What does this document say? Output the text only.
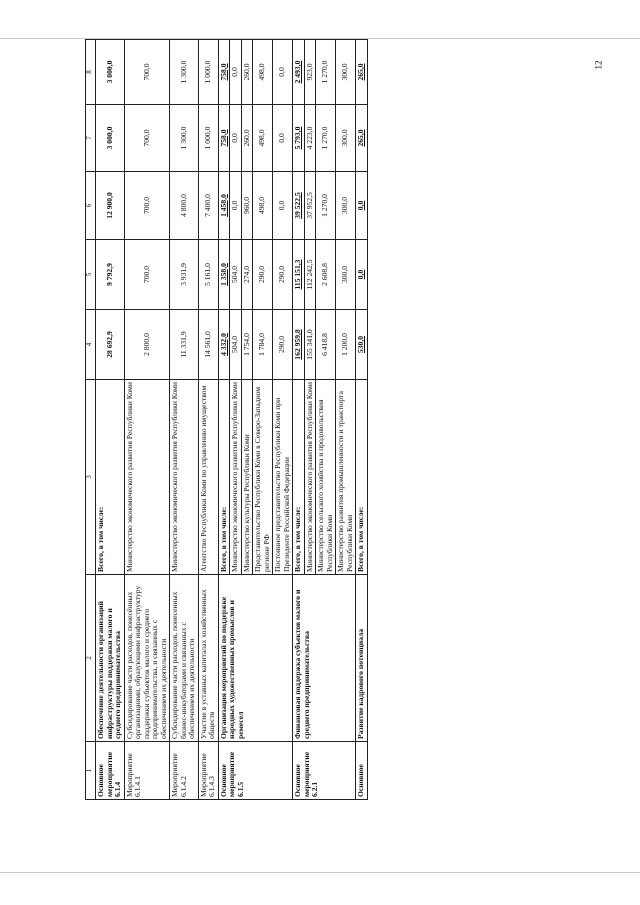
1	2	3	4	5	6	7	8
Основное мероприятие 6.1.4	Обеспечение деятельности организаций инфраструктуры поддержки малого и среднего предпринимательства	Всего, в том числе:	28 692,9	9 792,9	12 900,0	3 000,0	3 000,0
Мероприятие 6.1.4.1	Субсидирование части расходов, понесённых организациями, образующими инфраструктуру поддержки субъектов малого и среднего предпринимательства, и связанных с обеспечением их деятельности	Министерство экономического развития Республики Коми	2 800,0	700,0	700,0	700,0	700,0
Мероприятие 6.1.4.2	Субсидирование части расходов, понесенных бизнес-инкубаторами и связанных с обеспечением их деятельности	Министерство экономического развития Республики Коми	11 331,9	3 931,9	4 800,0	1 300,0	1 300,0
Мероприятие 6.1.4.3	Участие в уставных капиталах хозяйственных обществ	Агентство Республики Коми по управлению имуществом	14 561,0	5 161,0	7 400,0	1 000,0	1 000,0
Основное мероприятие 6.1.5	Организация мероприятий по поддержке народных художественных промыслов и ремесел	Всего, в том числе:	4 332,0	1 358,0	1 458,0	758,0	758,0
		Министерство экономического развития Республики Коми	504,0	504,0	0,0	0,0	0,0
		Министерство культуры Республики Коми	1 754,0	274,0	960,0	260,0	260,0
		Представительство Республики Коми в Северо-Западном регионе РФ	1 784,0	290,0	498,0	498,0	498,0
		Постоянное представительство Республики Коми при Президенте Российской Федерации	290,0	290,0	0,0	0,0	0,0
Основное мероприятие 6.2.1	Финансовая поддержка субъектов малого и среднего предпринимательства	Всего, в том числе:	162 959,8	115 151,3	39 522,5	5 793,0	2 493,0
		Министерство экономического развития Республики Коми	155 341,0	112 242,5	37 952,5	4 223,0	923,0
		Министерство сельского хозяйства и продовольствия Республики Коми	6 418,8	2 608,8	1 270,0	1 270,0	1 270,0
		Министерство развития промышленности и транспорта Республики Коми	1 200,0	300,0	300,0	300,0	300,0
Основное	Развитие кадрового потенциала	Всего, в том числе:	530,0	0,0	0,0	265,0	265,0	12
